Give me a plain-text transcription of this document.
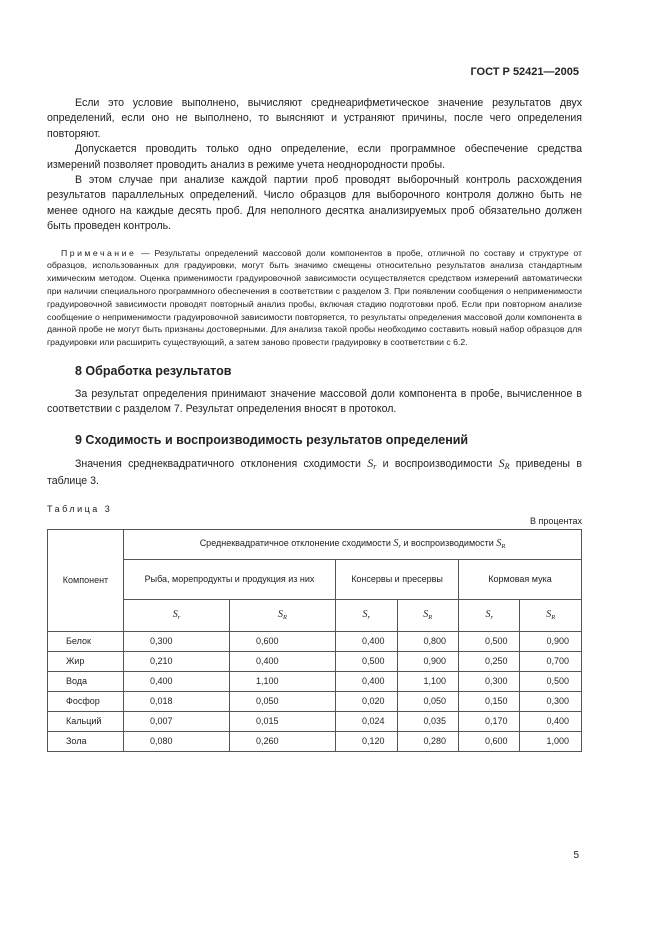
ГОСТ Р 52421—2005

Если это условие выполнено, вычисляют среднеарифметическое значение результатов двух определений, если оно не выполнено, то выясняют и устраняют причины, после чего определения повторяют.

Допускается проводить только одно определение, если программное обеспечение средства измерений позволяет проводить анализ в режиме учета неоднородности пробы.

В этом случае при анализе каждой партии проб проводят выборочный контроль расхождения результатов параллельных определений. Число образцов для выборочного контроля должно быть не менее одного на каждые десять проб. Для неполного десятка анализируемых проб обязательно должен быть проведен контроль.

Примечание — Результаты определений массовой доли компонентов в пробе, отличной по составу и структуре от образцов, использованных для градуировки, могут быть значимо смещены относительно результатов анализа стандартным химическим методом. Оценка применимости градуировочной зависимости осуществляется средством измерений автоматически при наличии специального программного обеспечения в соответствии с разделом 3. При появлении сообщения о неприменимости градуировочной зависимости проводят повторный анализ пробы, включая стадию подготовки проб. Если при повторном анализе сообщение о неприменимости градуировочной зависимости повторяется, то результаты определения массовой доли компонента в данной пробе не могут быть признаны достоверными. Для анализа такой пробы необходимо составить новый набор образцов для градуировки или расширить существующий, а затем заново провести градуировку в соответствии с 6.2.
8 Обработка результатов

За результат определения принимают значение массовой доли компонента в пробе, вычисленное в соответствии с разделом 7. Результат определения вносят в протокол.

9 Сходимость и воспроизводимость результатов определений

Значения среднеквадратичного отклонения сходимости $S_r$ и воспроизводимости $S_R$ приведены в таблице 3.

Таблица 3
В процентах
Компонент	Среднеквадратичное отклонение сходимости $S_r$ и воспроизводимости $S_R$
	Рыба, морепродукты и продукция из них		Консервы и пресервы		Кормовая мука	
	$S_r$	$S_R$	$S_r$	$S_R$	$S_r$	$S_R$
Белок	0,300	0,600	0,400	0,800	0,500	0,900
Жир	0,210	0,400	0,500	0,900	0,250	0,700
Вода	0,400	1,100	0,400	1,100	0,300	0,500
Фосфор	0,018	0,050	0,020	0,050	0,150	0,300
Кальций	0,007	0,015	0,024	0,035	0,170	0,400
Зола	0,080	0,260	0,120	0,280	0,600	1,000
5
